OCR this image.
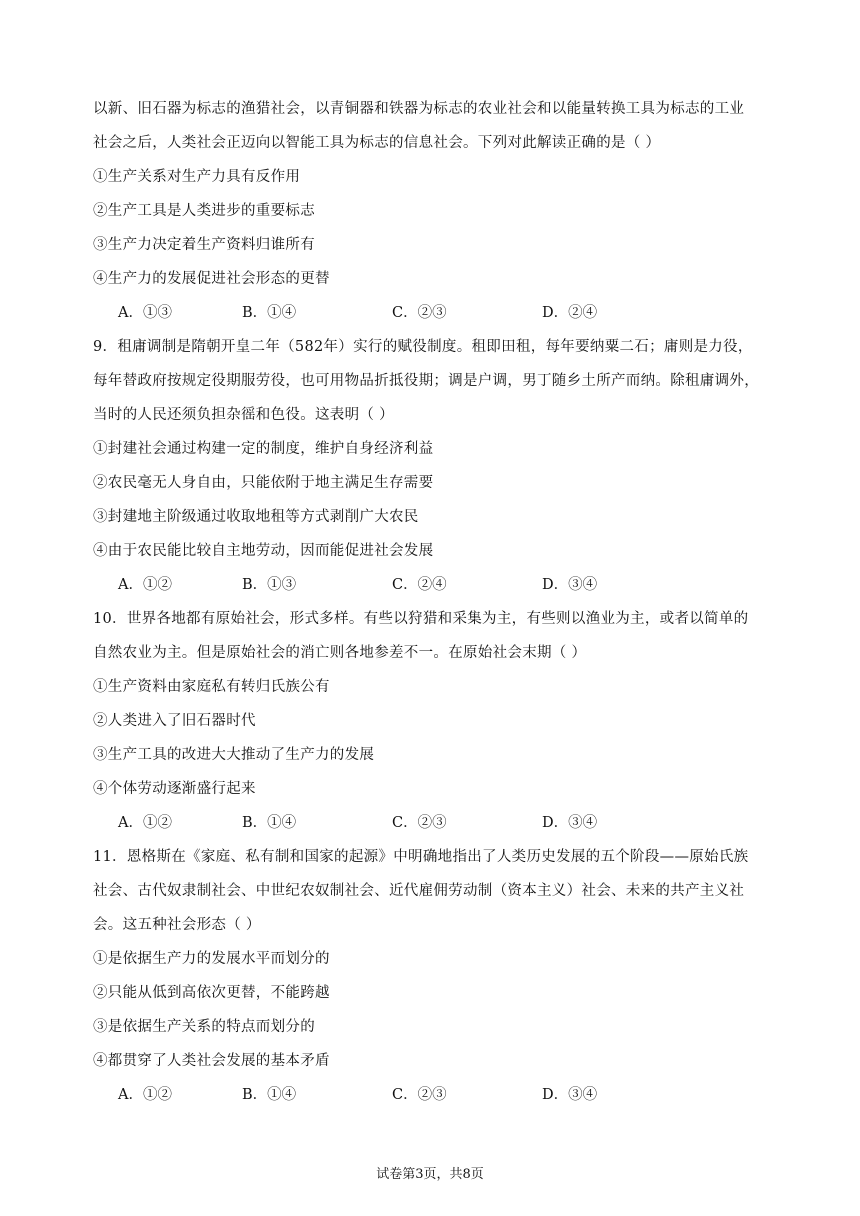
以新、旧石器为标志的渔猎社会，以青铜器和铁器为标志的农业社会和以能量转换工具为标志的工业
社会之后，人类社会正迈向以智能工具为标志的信息社会。下列对此解读正确的是（ ）
①生产关系对生产力具有反作用
②生产工具是人类进步的重要标志
③生产力决定着生产资料归谁所有
④生产力的发展促进社会形态的更替
A．①③	B．①④	C．②③	D．②④
9．租庸调制是隋朝开皇二年（582年）实行的赋役制度。租即田租，每年要纳粟二石；庸则是力役，
每年替政府按规定役期服劳役，也可用物品折抵役期；调是户调，男丁随乡土所产而纳。除租庸调外，
当时的人民还须负担杂徭和色役。这表明（ ）
①封建社会通过构建一定的制度，维护自身经济利益
②农民毫无人身自由，只能依附于地主满足生存需要
③封建地主阶级通过收取地租等方式剥削广大农民
④由于农民能比较自主地劳动，因而能促进社会发展
A．①②	B．①③	C．②④	D．③④
10．世界各地都有原始社会，形式多样。有些以狩猎和采集为主，有些则以渔业为主，或者以简单的
自然农业为主。但是原始社会的消亡则各地参差不一。在原始社会末期（ ）
①生产资料由家庭私有转归氏族公有
②人类进入了旧石器时代
③生产工具的改进大大推动了生产力的发展
④个体劳动逐渐盛行起来
A．①②	B．①④	C．②③	D．③④
11．恩格斯在《家庭、私有制和国家的起源》中明确地指出了人类历史发展的五个阶段——原始氏族
社会、古代奴隶制社会、中世纪农奴制社会、近代雇佣劳动制（资本主义）社会、未来的共产主义社
会。这五种社会形态（ ）
①是依据生产力的发展水平而划分的
②只能从低到高依次更替，不能跨越
③是依据生产关系的特点而划分的
④都贯穿了人类社会发展的基本矛盾
A．①②	B．①④	C．②③	D．③④
试卷第3页，共8页
